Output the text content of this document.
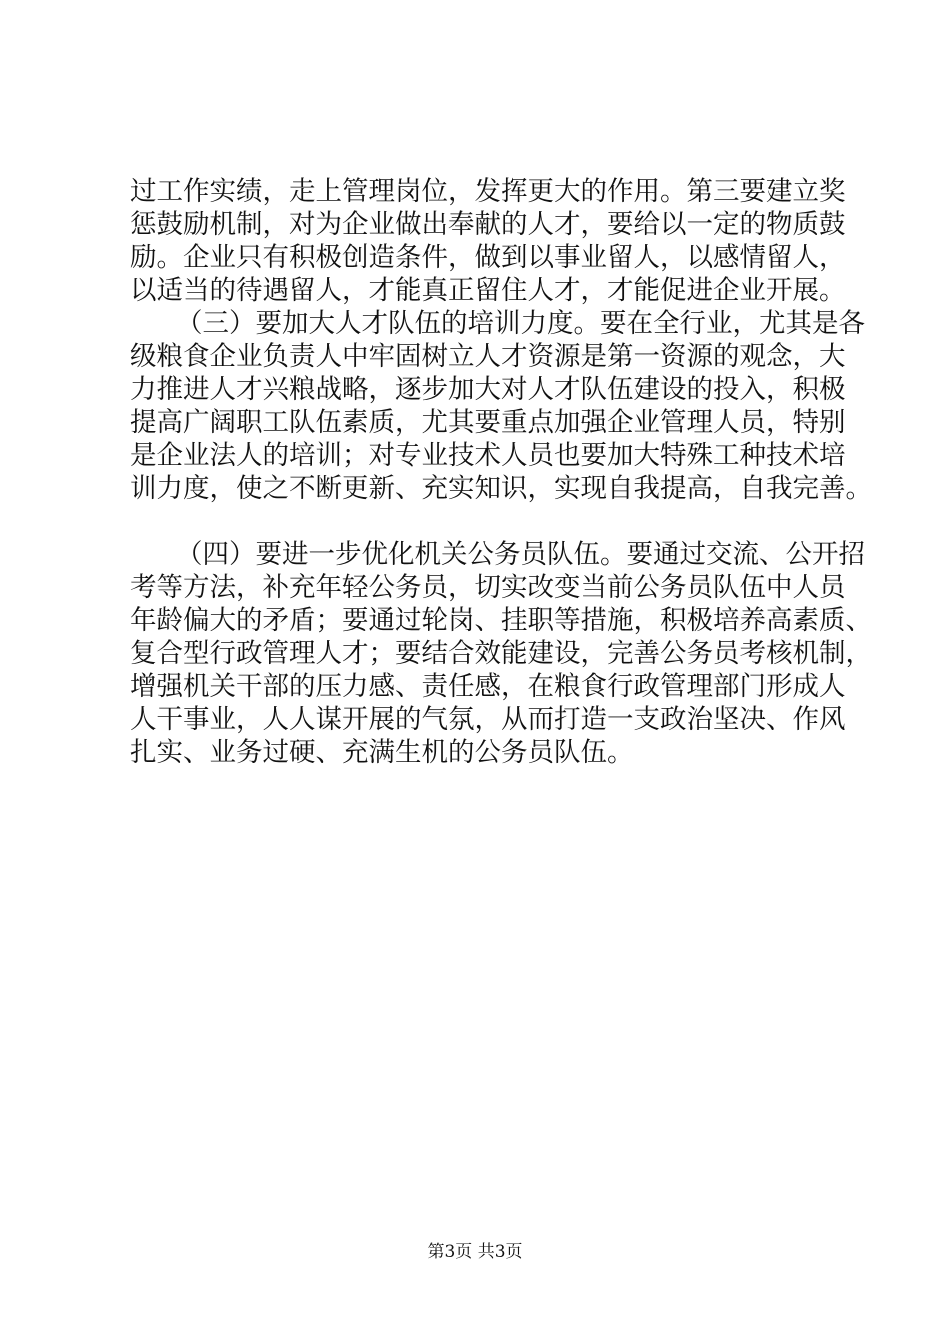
过工作实绩，走上管理岗位，发挥更大的作用。第三要建立奖
惩鼓励机制，对为企业做出奉献的人才，要给以一定的物质鼓
励。企业只有积极创造条件，做到以事业留人，以感情留人，
以适当的待遇留人，才能真正留住人才，才能促进企业开展。
（三）要加大人才队伍的培训力度。要在全行业，尤其是各
级粮食企业负责人中牢固树立人才资源是第一资源的观念，大
力推进人才兴粮战略，逐步加大对人才队伍建设的投入，积极
提高广阔职工队伍素质，尤其要重点加强企业管理人员，特别
是企业法人的培训；对专业技术人员也要加大特殊工种技术培
训力度，使之不断更新、充实知识，实现自我提高，自我完善。
（四）要进一步优化机关公务员队伍。要通过交流、公开招
考等方法，补充年轻公务员，切实改变当前公务员队伍中人员
年龄偏大的矛盾；要通过轮岗、挂职等措施，积极培养高素质、
复合型行政管理人才；要结合效能建设，完善公务员考核机制，
增强机关干部的压力感、责任感，在粮食行政管理部门形成人
人干事业，人人谋开展的气氛，从而打造一支政治坚决、作风
扎实、业务过硬、充满生机的公务员队伍。
第3页 共3页
